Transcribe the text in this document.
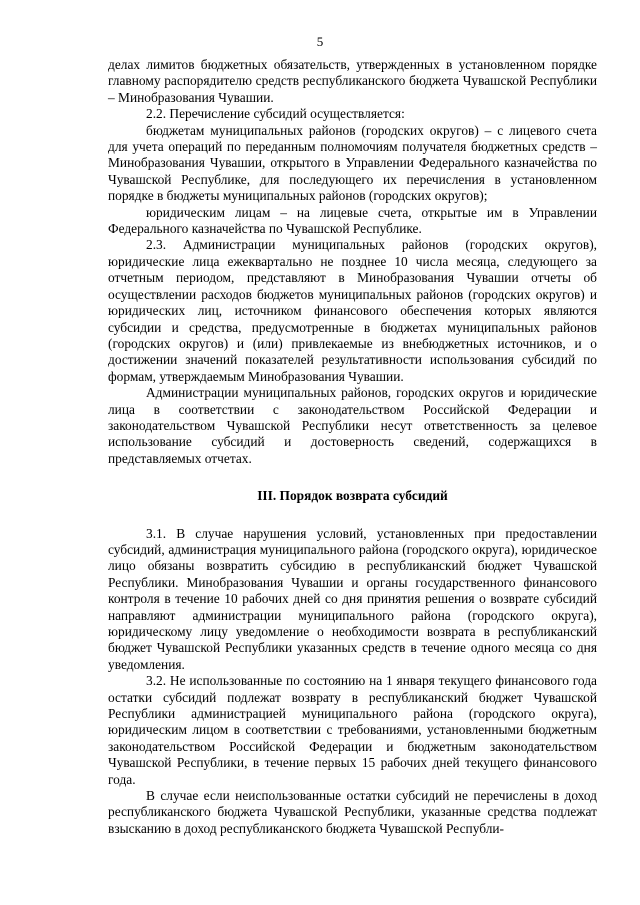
5

делах лимитов бюджетных обязательств, утвержденных в установленном порядке главному распорядителю средств республиканского бюджета Чувашской Республики – Минобразования Чувашии.

2.2. Перечисление субсидий осуществляется:

бюджетам муниципальных районов (городских округов) – с лицевого счета для учета операций по переданным полномочиям получателя бюджетных средств – Минобразования Чувашии, открытого в Управлении Федерального казначейства по Чувашской Республике, для последующего их перечисления в установленном порядке в бюджеты муниципальных районов (городских округов);

юридическим лицам – на лицевые счета, открытые им в Управлении Федерального казначейства по Чувашской Республике.

2.3. Администрации муниципальных районов (городских округов), юридические лица ежеквартально не позднее 10 числа месяца, следующего за отчетным периодом, представляют в Минобразования Чувашии отчеты об осуществлении расходов бюджетов муниципальных районов (городских округов) и юридических лиц, источником финансового обеспечения которых являются субсидии и средства, предусмотренные в бюджетах муниципальных районов (городских округов) и (или) привлекаемые из внебюджетных источников, и о достижении значений показателей результативности использования субсидий по формам, утверждаемым Минобразования Чувашии.

Администрации муниципальных районов, городских округов и юридические лица в соответствии с законодательством Российской Федерации и законодательством Чувашской Республики несут ответственность за целевое использование субсидий и достоверность сведений, содержащихся в представляемых отчетах.

III. Порядок возврата субсидий

3.1. В случае нарушения условий, установленных при предоставлении субсидий, администрация муниципального района (городского округа), юридическое лицо обязаны возвратить субсидию в республиканский бюджет Чувашской Республики. Минобразования Чувашии и органы государственного финансового контроля в течение 10 рабочих дней со дня принятия решения о возврате субсидий направляют администрации муниципального района (городского округа), юридическому лицу уведомление о необходимости возврата в республиканский бюджет Чувашской Республики указанных средств в течение одного месяца со дня уведомления.

3.2. Не использованные по состоянию на 1 января текущего финансового года остатки субсидий подлежат возврату в республиканский бюджет Чувашской Республики администрацией муниципального района (городского округа), юридическим лицом в соответствии с требованиями, установленными бюджетным законодательством Российской Федерации и бюджетным законодательством Чувашской Республики, в течение первых 15 рабочих дней текущего финансового года.

В случае если неиспользованные остатки субсидий не перечислены в доход республиканского бюджета Чувашской Республики, указанные средства подлежат взысканию в доход республиканского бюджета Чувашской Республи-
